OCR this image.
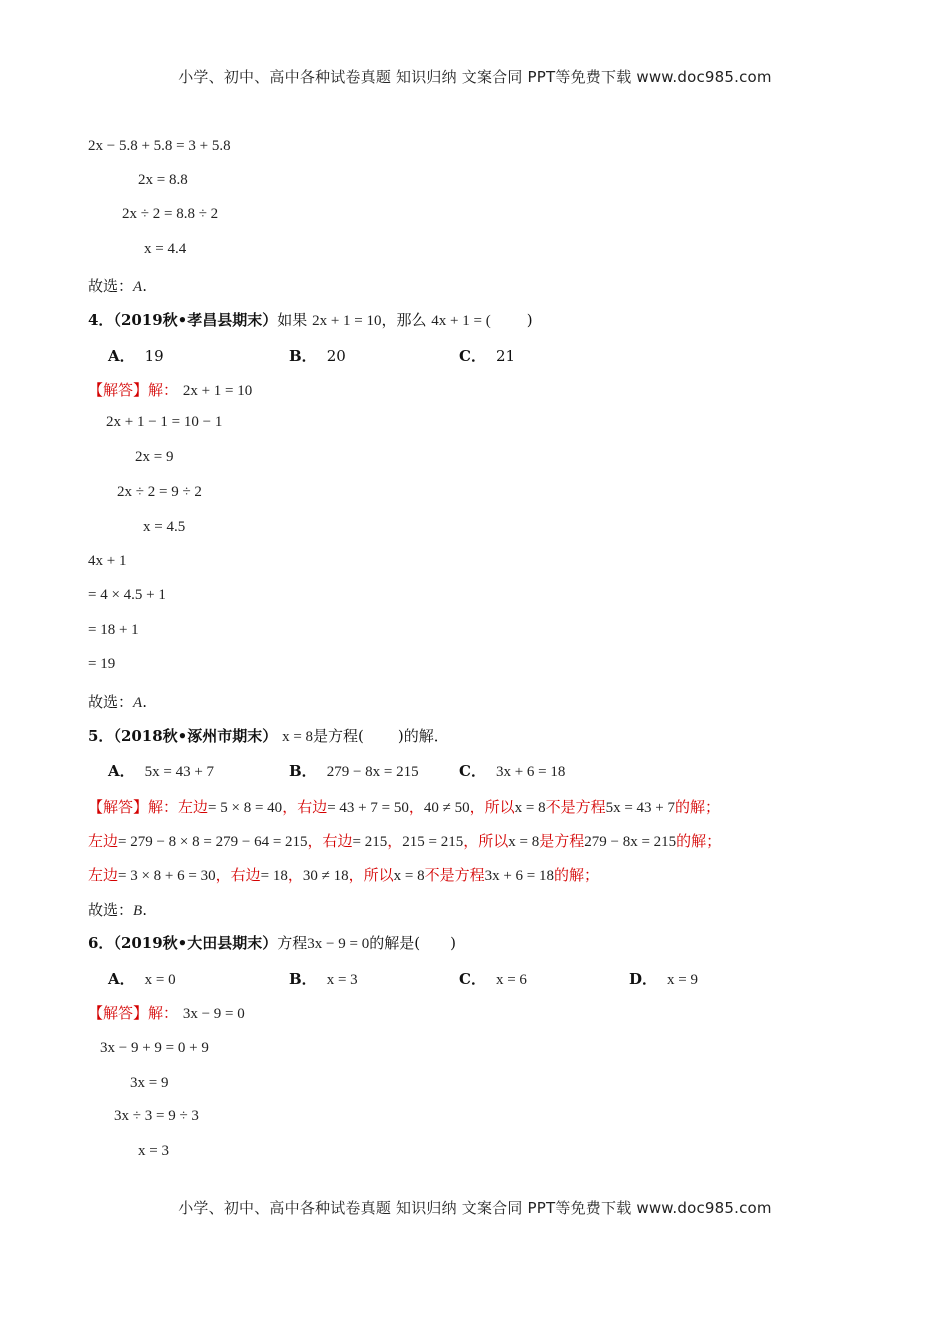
小学、初中、高中各种试卷真题 知识归纳 文案合同 PPT等免费下载 www.doc985.com
2x − 5.8 + 5.8 = 3 + 5.8
2x = 8.8
2x ÷ 2 = 8.8 ÷ 2
x = 4.4
故选：A.
4．（2019秋•孝昌县期末）如果 2x + 1 = 10，那么 4x + 1 = ( )
A． 19	B． 20	C． 21
【解答】解： 2x + 1 = 10
2x + 1 − 1 = 10 − 1
2x = 9
2x ÷ 2 = 9 ÷ 2
x = 4.5
4x + 1
= 4 × 4.5 + 1
= 18 + 1
= 19
故选：A.
5．（2018秋•涿州市期末） x = 8是方程( )的解．
A． 5x = 43 + 7	B． 279 − 8x = 215	C． 3x + 6 = 18
【解答】解：左边= 5 × 8 = 40，右边= 43 + 7 = 50，40 ≠ 50，所以x = 8不是方程5x = 43 + 7的解；
左边= 279 − 8 × 8 = 279 − 64 = 215，右边= 215，215 = 215，所以x = 8是方程279 − 8x = 215的解；
左边= 3 × 8 + 6 = 30，右边= 18，30 ≠ 18，所以x = 8不是方程3x + 6 = 18的解；
故选：B.
6．（2019秋•大田县期末）方程3x − 9 = 0的解是( )
A． x = 0	B． x = 3	C． x = 6	D． x = 9
【解答】解： 3x − 9 = 0
3x − 9 + 9 = 0 + 9
3x = 9
3x ÷ 3 = 9 ÷ 3
x = 3
小学、初中、高中各种试卷真题 知识归纳 文案合同 PPT等免费下载 www.doc985.com
